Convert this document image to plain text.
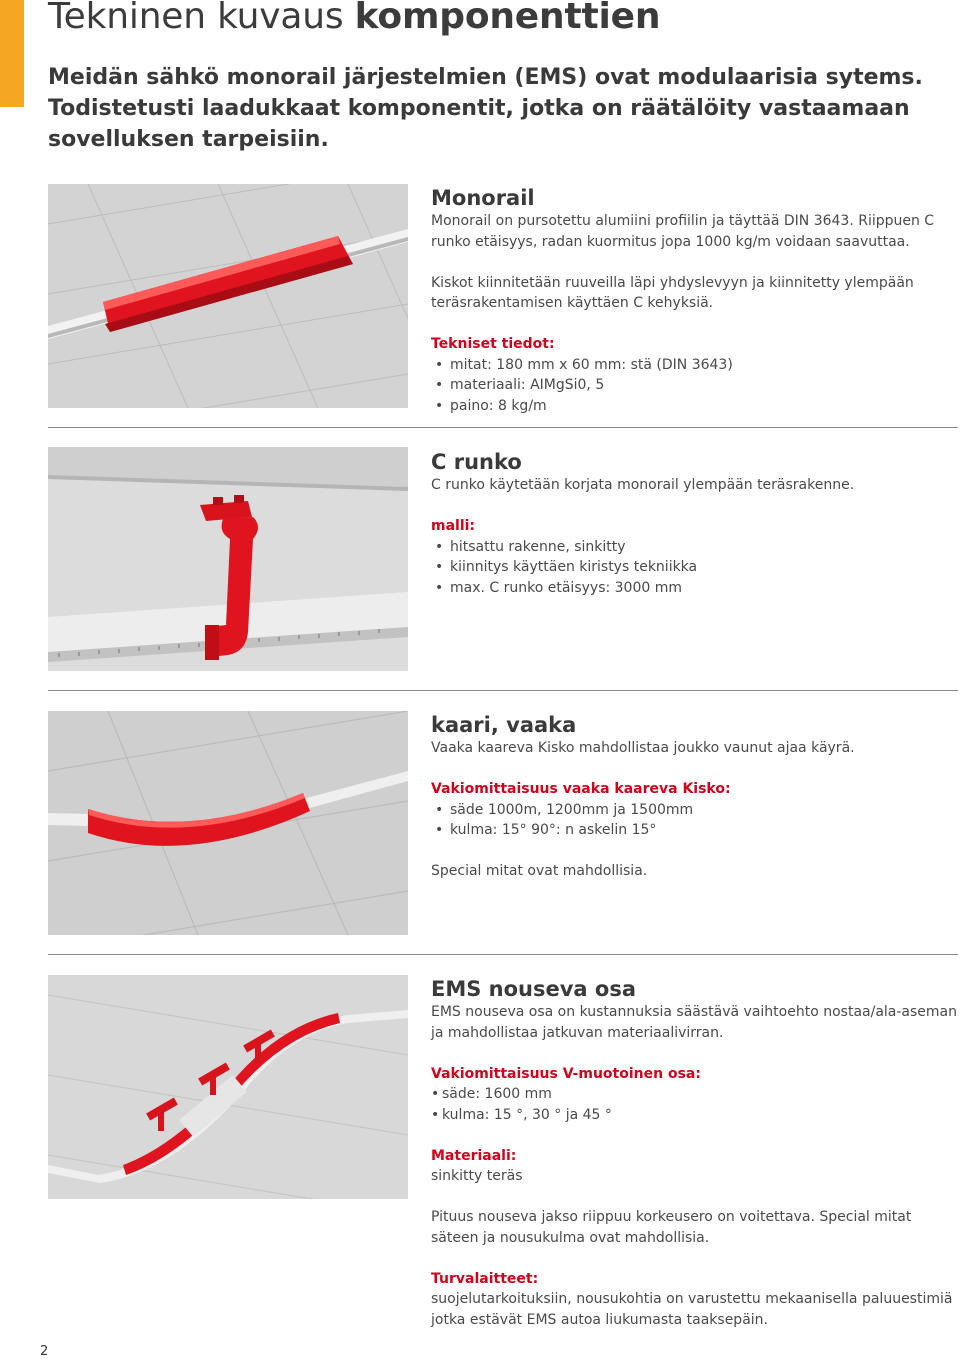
Tekninen kuvaus komponenttien

Meidän sähkö monorail järjestelmien (EMS) ovat modulaarisia sytems. Todistetusti laadukkaat komponentit, jotka on räätälöity vastaamaan sovelluksen tarpeisiin.

Monorail

Monorail on pursotettu alumiini profiilin ja täyttää DIN 3643. Riippuen C runko etäisyys, radan kuormitus jopa 1000 kg/m voidaan saavuttaa.

Kiskot kiinnitetään ruuveilla läpi yhdyslevyyn ja kiinnitetty ylempään teräsrakentamisen käyttäen C kehyksiä.

Tekniset tiedot:
• mitat: 180 mm x 60 mm: stä (DIN 3643)
• materiaali: AIMgSi0, 5
• paino: 8 kg/m
C runko

C runko käytetään korjata monorail ylempään teräsrakenne.

malli:
• hitsattu rakenne, sinkitty
• kiinnitys käyttäen kiristys tekniikka
• max. C runko etäisyys: 3000 mm
kaari, vaaka

Vaaka kaareva Kisko mahdollistaa joukko vaunut ajaa käyrä.

Vakiomittaisuus vaaka kaareva Kisko:
• säde 1000m, 1200mm ja 1500mm
• kulma: 15° 90°: n askelin 15°

Special mitat ovat mahdollisia.

EMS nouseva osa

EMS nouseva osa on kustannuksia säästävä vaihtoehto nostaa/ala-aseman ja mahdollistaa jatkuvan materiaalivirran.

Vakiomittaisuus V-muotoinen osa:
• säde: 1600 mm
• kulma: 15 °, 30 ° ja 45 °
Materiaali:

sinkitty teräs

Pituus nouseva jakso riippuu korkeusero on voitettava. Special mitat säteen ja nousukulma ovat mahdollisia.

Turvalaitteet:

suojelutarkoituksiin, nousukohtia on varustettu mekaanisella paluuestimiä jotka estävät EMS autoa liukumasta taaksepäin.

2
